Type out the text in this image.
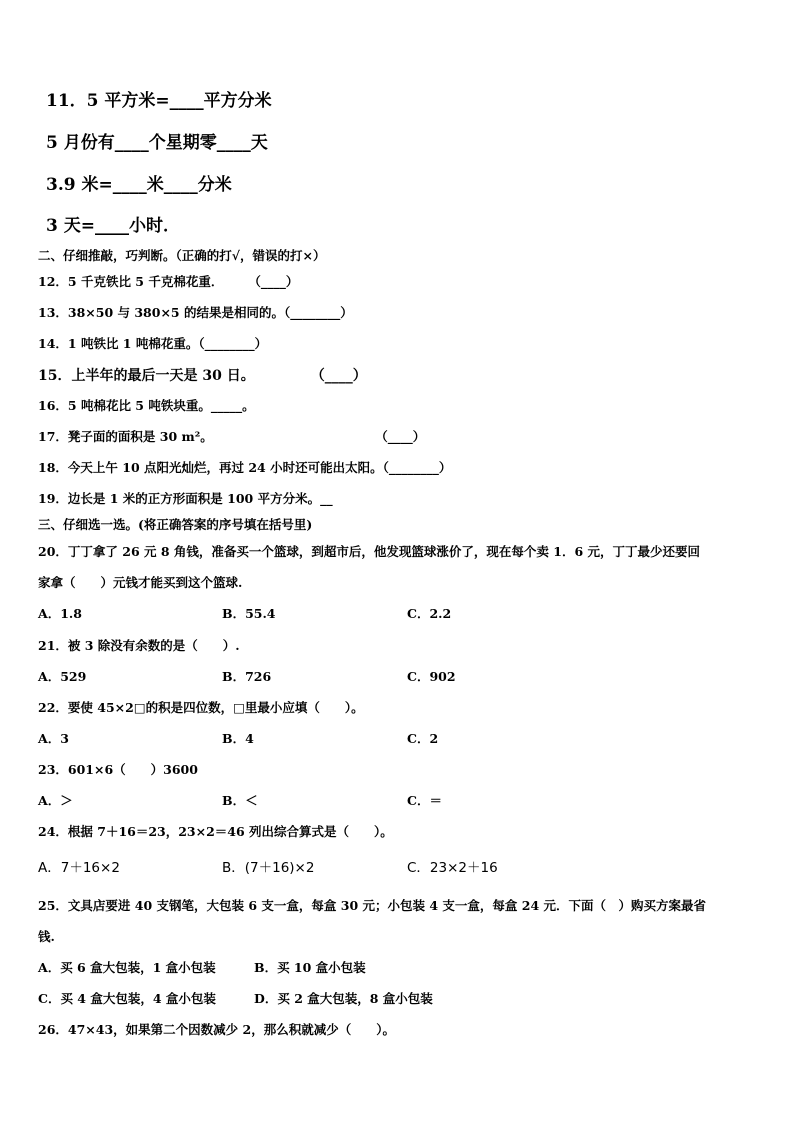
11．5 平方米=____平方分米
5 月份有____个星期零____天
3.9 米=____米____分米
3 天=____小时．
二、仔细推敲，巧判断。（正确的打√，错误的打×）
12．5 千克铁比 5 千克棉花重．　　　（____）
13．38×50 与 380×5 的结果是相同的。（________）
14．1 吨铁比 1 吨棉花重。（________）
15．上半年的最后一天是 30 日。　　　　　（____）
16．5 吨棉花比 5 吨铁块重。_____。
17．凳子面的面积是 30 m²。　　　　　　　　　　　　　　（____）
18．今天上午 10 点阳光灿烂，再过 24 小时还可能出太阳。（________）
19．边长是 1 米的正方形面积是 100 平方分米。__
三、仔细选一选。(将正确答案的序号填在括号里)
20．丁丁拿了 26 元 8 角钱，准备买一个篮球，到超市后，他发现篮球涨价了，现在每个卖 1．6 元，丁丁最少还要回
家拿（　　）元钱才能买到这个篮球.
A．1.8	B．55.4	C．2.2
21．被 3 除没有余数的是（　　）.
A．529	B．726	C．902
22．要使 45×2□的积是四位数，□里最小应填（　　）。
A．3	B．4	C．2
23．601×6（　　）3600
A．＞	B．＜	C．＝
24．根据 7＋16＝23，23×2＝46 列出综合算式是（　　）。
A．7＋16×2	B．(7＋16)×2	C．23×2＋16
25．文具店要进 40 支钢笔，大包装 6 支一盒，每盒 30 元；小包装 4 支一盒，每盒 24 元．下面（　）购买方案最省
钱.
A．买 6 盒大包装，1 盒小包装	B．买 10 盒小包装
C．买 4 盒大包装，4 盒小包装	D．买 2 盒大包装，8 盒小包装
26．47×43，如果第二个因数减少 2，那么积就减少（　　）。
